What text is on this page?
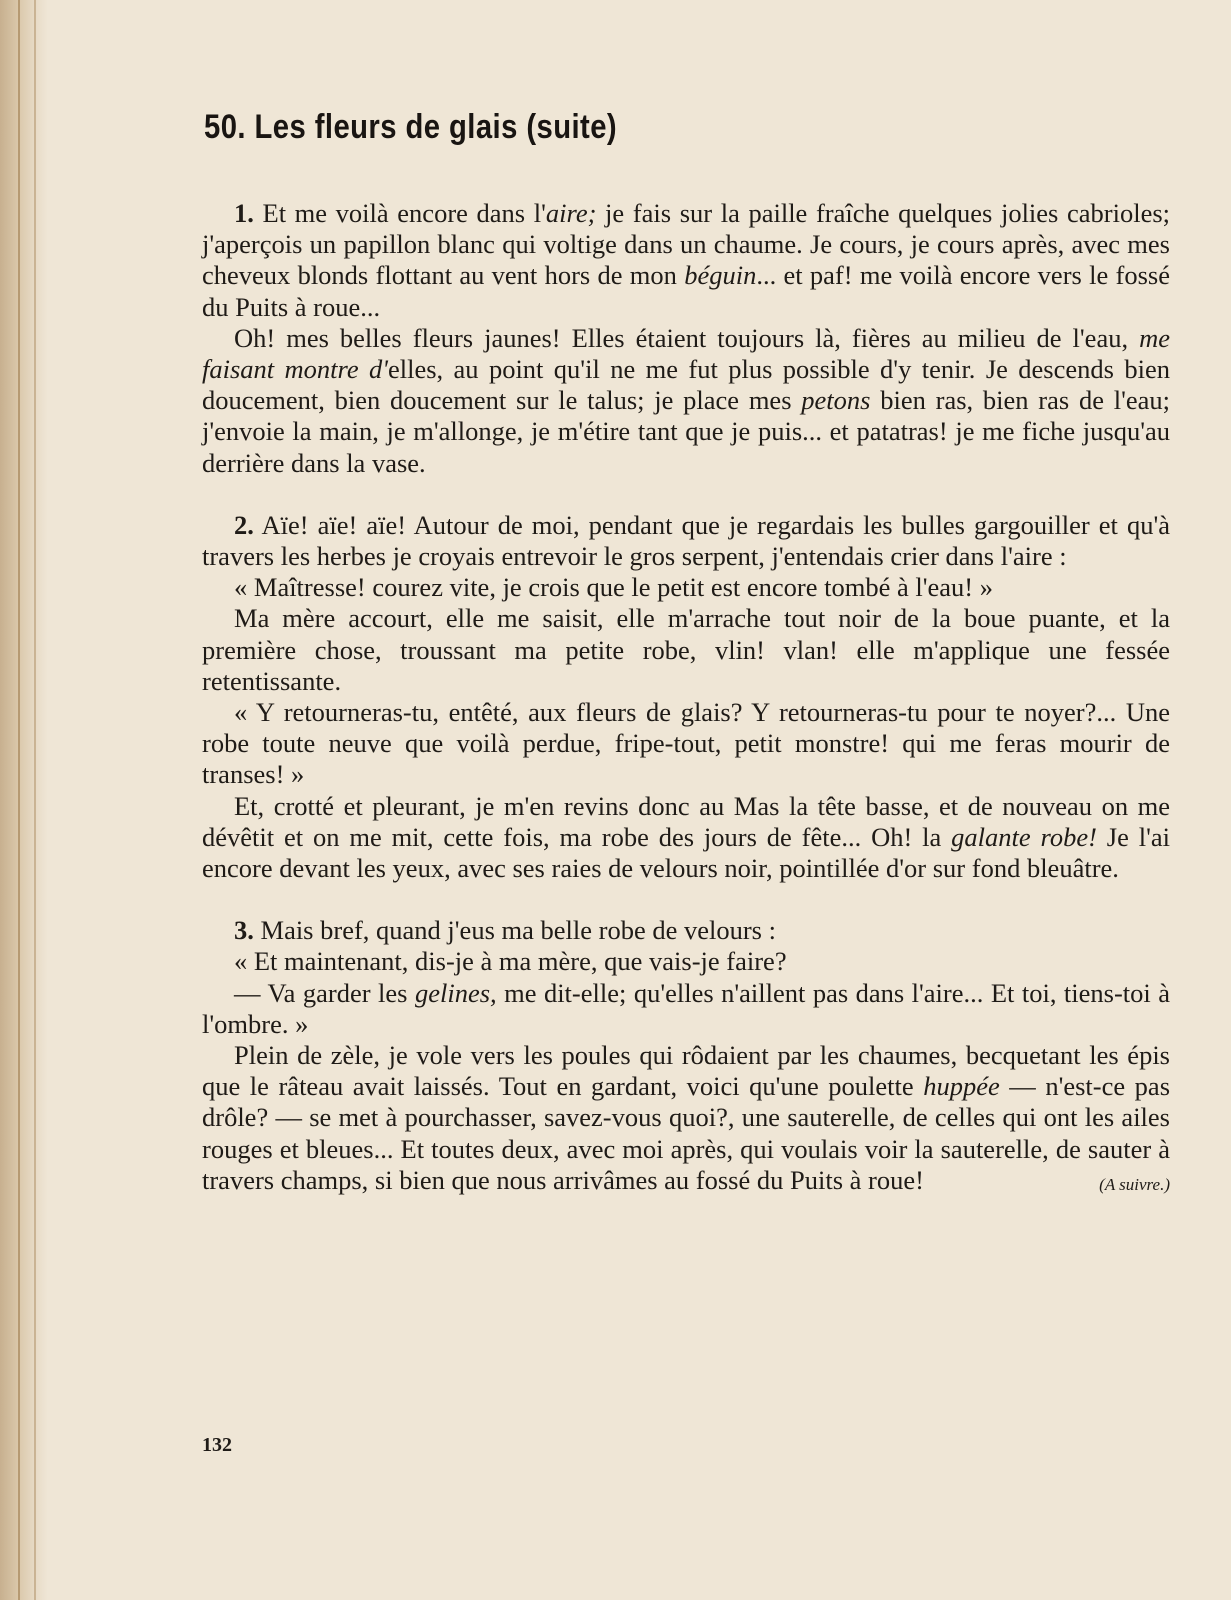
50. Les fleurs de glais (suite)

1. Et me voilà encore dans l'aire; je fais sur la paille fraîche quelques jolies cabrioles; j'aperçois un papillon blanc qui voltige dans un chaume. Je cours, je cours après, avec mes cheveux blonds flottant au vent hors de mon béguin... et paf! me voilà encore vers le fossé du Puits à roue...

Oh! mes belles fleurs jaunes! Elles étaient toujours là, fières au milieu de l'eau, me faisant montre d'elles, au point qu'il ne me fut plus possible d'y tenir. Je descends bien doucement, bien doucement sur le talus; je place mes petons bien ras, bien ras de l'eau; j'envoie la main, je m'allonge, je m'étire tant que je puis... et patatras! je me fiche jusqu'au derrière dans la vase.

2. Aïe! aïe! aïe! Autour de moi, pendant que je regardais les bulles gargouiller et qu'à travers les herbes je croyais entrevoir le gros serpent, j'entendais crier dans l'aire :

« Maîtresse! courez vite, je crois que le petit est encore tombé à l'eau! »

Ma mère accourt, elle me saisit, elle m'arrache tout noir de la boue puante, et la première chose, troussant ma petite robe, vlin! vlan! elle m'applique une fessée retentissante.

« Y retourneras-tu, entêté, aux fleurs de glais? Y retourneras-tu pour te noyer?... Une robe toute neuve que voilà perdue, fripe-tout, petit monstre! qui me feras mourir de transes! »

Et, crotté et pleurant, je m'en revins donc au Mas la tête basse, et de nouveau on me dévêtit et on me mit, cette fois, ma robe des jours de fête... Oh! la galante robe! Je l'ai encore devant les yeux, avec ses raies de velours noir, pointillée d'or sur fond bleuâtre.

3. Mais bref, quand j'eus ma belle robe de velours :

« Et maintenant, dis-je à ma mère, que vais-je faire?

— Va garder les gelines, me dit-elle; qu'elles n'aillent pas dans l'aire... Et toi, tiens-toi à l'ombre. »

Plein de zèle, je vole vers les poules qui rôdaient par les chaumes, becquetant les épis que le râteau avait laissés. Tout en gardant, voici qu'une poulette huppée — n'est-ce pas drôle? — se met à pourchasser, savez-vous quoi?, une sauterelle, de celles qui ont les ailes rouges et bleues... Et toutes deux, avec moi après, qui voulais voir la sauterelle, de sauter à travers champs, si bien que nous arrivâmes au fossé du Puits à roue!	(A suivre.)

132
